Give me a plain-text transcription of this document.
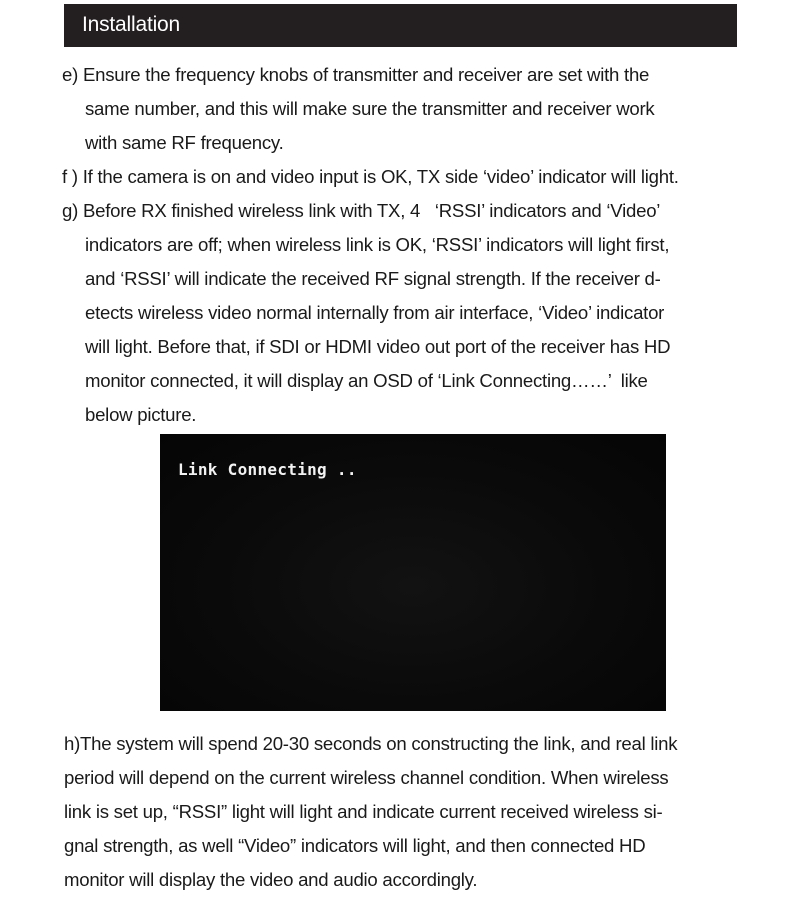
Installation
e) Ensure the frequency knobs of transmitter and receiver are set with the
same number, and this will make sure the transmitter and receiver work
with same RF frequency.
f ) If the camera is on and video input is OK, TX side ‘video’ indicator will light.
g) Before RX finished wireless link with TX, 4   ‘RSSI’ indicators and ‘Video’
indicators are off; when wireless link is OK, ‘RSSI’ indicators will light first,
and ‘RSSI’ will indicate the received RF signal strength. If the receiver d-
etects wireless video normal internally from air interface, ‘Video’ indicator
will light. Before that, if SDI or HDMI video out port of the receiver has HD
monitor connected, it will display an OSD of ‘Link Connecting……’  like
below picture.
Link Connecting ..
h)The system will spend 20-30 seconds on constructing the link, and real link
period will depend on the current wireless channel condition. When wireless
link is set up, “RSSI” light will light and indicate current received wireless si-
gnal strength, as well “Video” indicators will light, and then connected HD
monitor will display the video and audio accordingly.
